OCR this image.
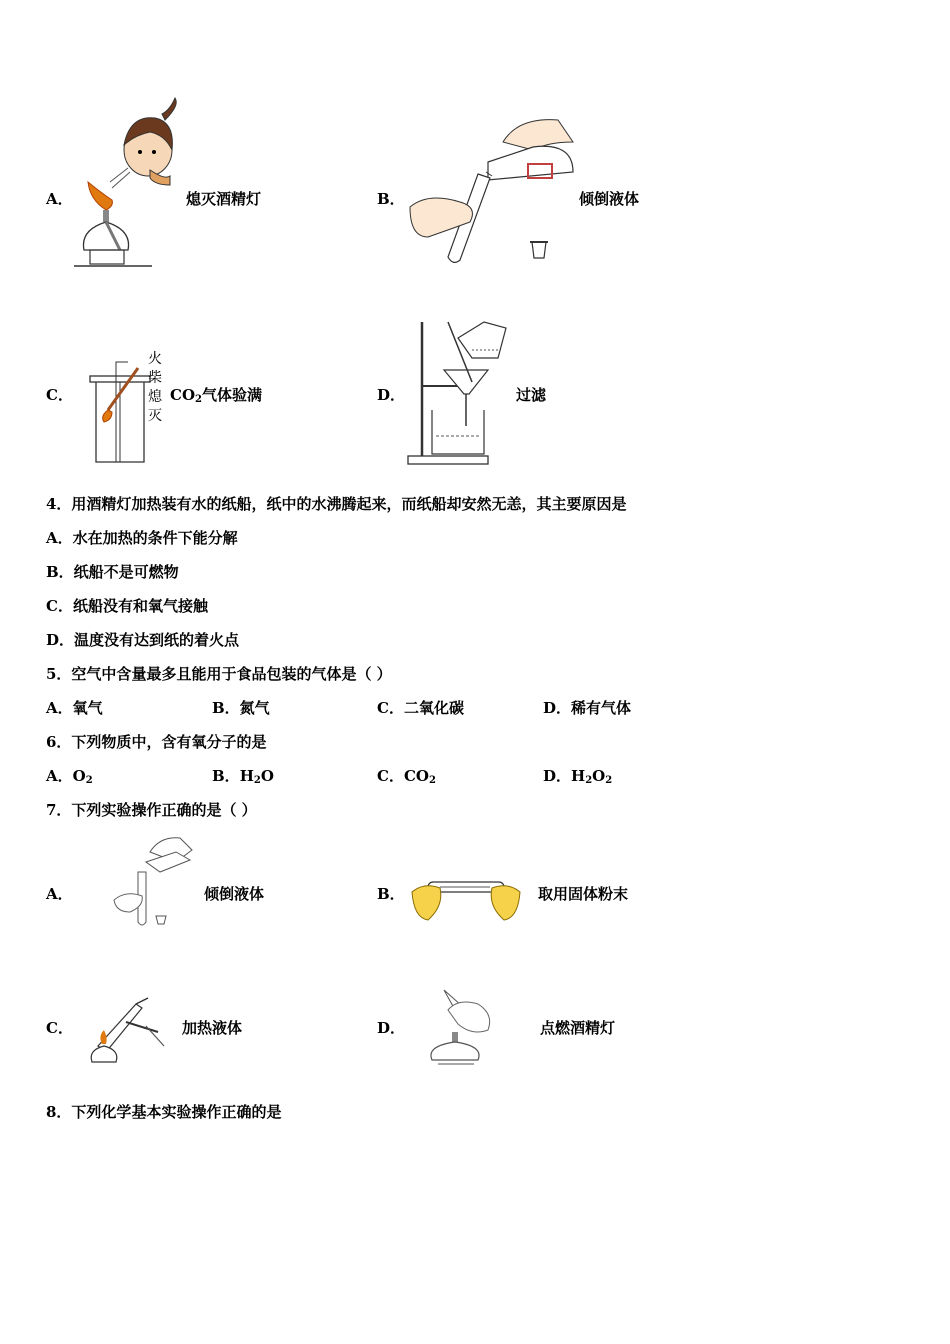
A．	熄灭酒精灯	B．	倾倒液体
C．
火
柴
熄
灭
$CO_2$气体验满	D．	过滤
4．用酒精灯加热装有水的纸船，纸中的水沸腾起来，而纸船却安然无恙，其主要原因是
A．水在加热的条件下能分解
B．纸船不是可燃物
C．纸船没有和氧气接触
D．温度没有达到纸的着火点
5．空气中含量最多且能用于食品包装的气体是（ ）
A．氧气	B．氮气	C．二氧化碳	D．稀有气体
6．下列物质中，含有氧分子的是
A．$O_2$	B．$H_2O$	C．$CO_2$	D．$H_2O_2$
7．下列实验操作正确的是（ ）
A．	倾倒液体	B．	取用固体粉末
C．	加热液体	D．	点燃酒精灯
8．下列化学基本实验操作正确的是
